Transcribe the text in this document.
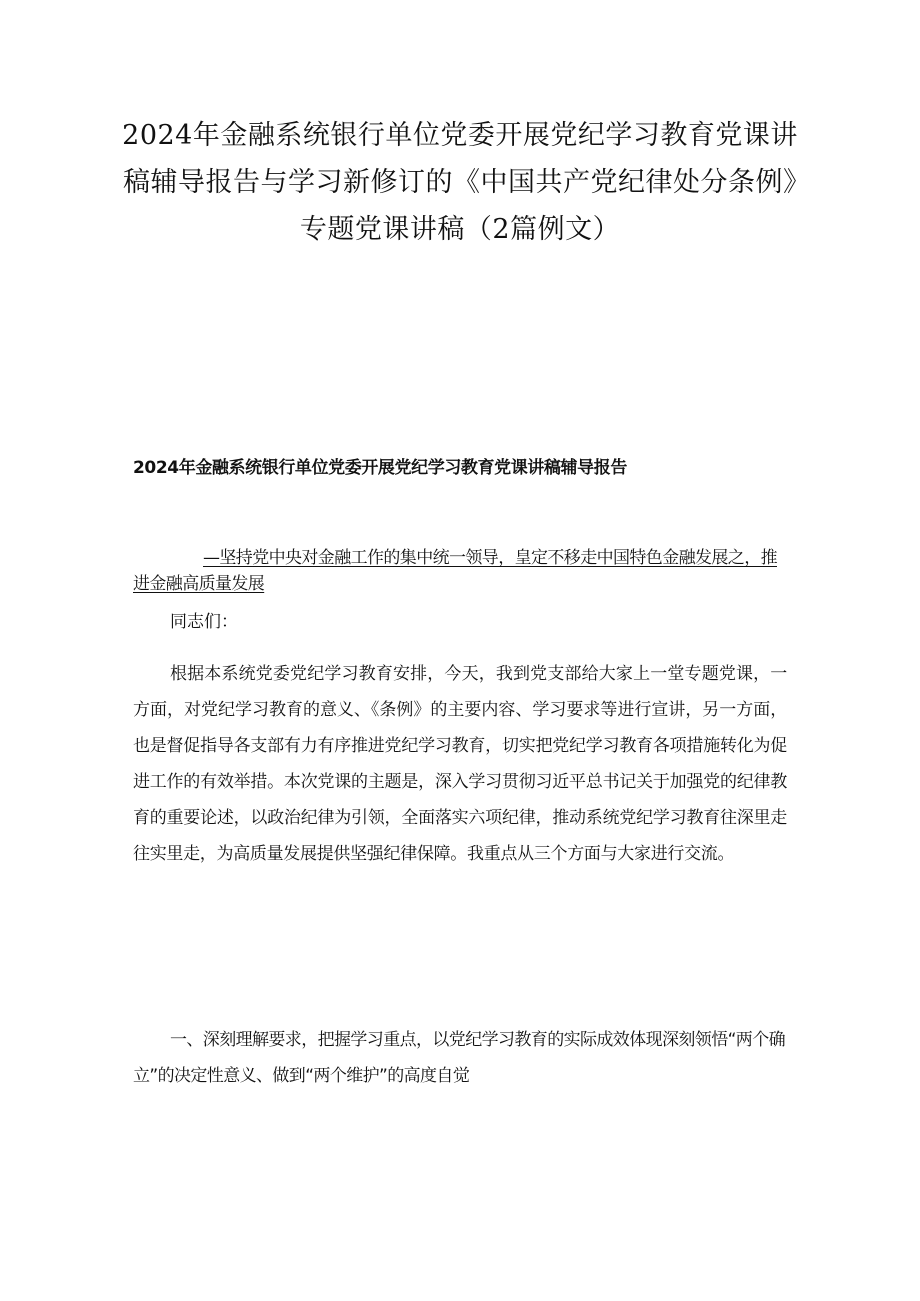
2024年金融系统银行单位党委开展党纪学习教育党课讲稿辅导报告与学习新修订的《中国共产党纪律处分条例》专题党课讲稿（2篇例文）
2024年金融系统银行单位党委开展党纪学习教育党课讲稿辅导报告

—坚持党中央对金融工作的集中统一领导，皇定不移走中国特色金融发展之，推进金融高质量发展

同志们：

根据本系统党委党纪学习教育安排，今天，我到党支部给大家上一堂专题党课，一方面，对党纪学习教育的意义、《条例》的主要内容、学习要求等进行宣讲，另一方面，也是督促指导各支部有力有序推进党纪学习教育，切实把党纪学习教育各项措施转化为促进工作的有效举措。本次党课的主题是，深入学习贯彻习近平总书记关于加强党的纪律教育的重要论述，以政治纪律为引领，全面落实六项纪律，推动系统党纪学习教育往深里走往实里走，为高质量发展提供坚强纪律保障。我重点从三个方面与大家进行交流。

一、深刻理解要求，把握学习重点，以党纪学习教育的实际成效体现深刻领悟“两个确立”的决定性意义、做到“两个维护”的高度自觉
